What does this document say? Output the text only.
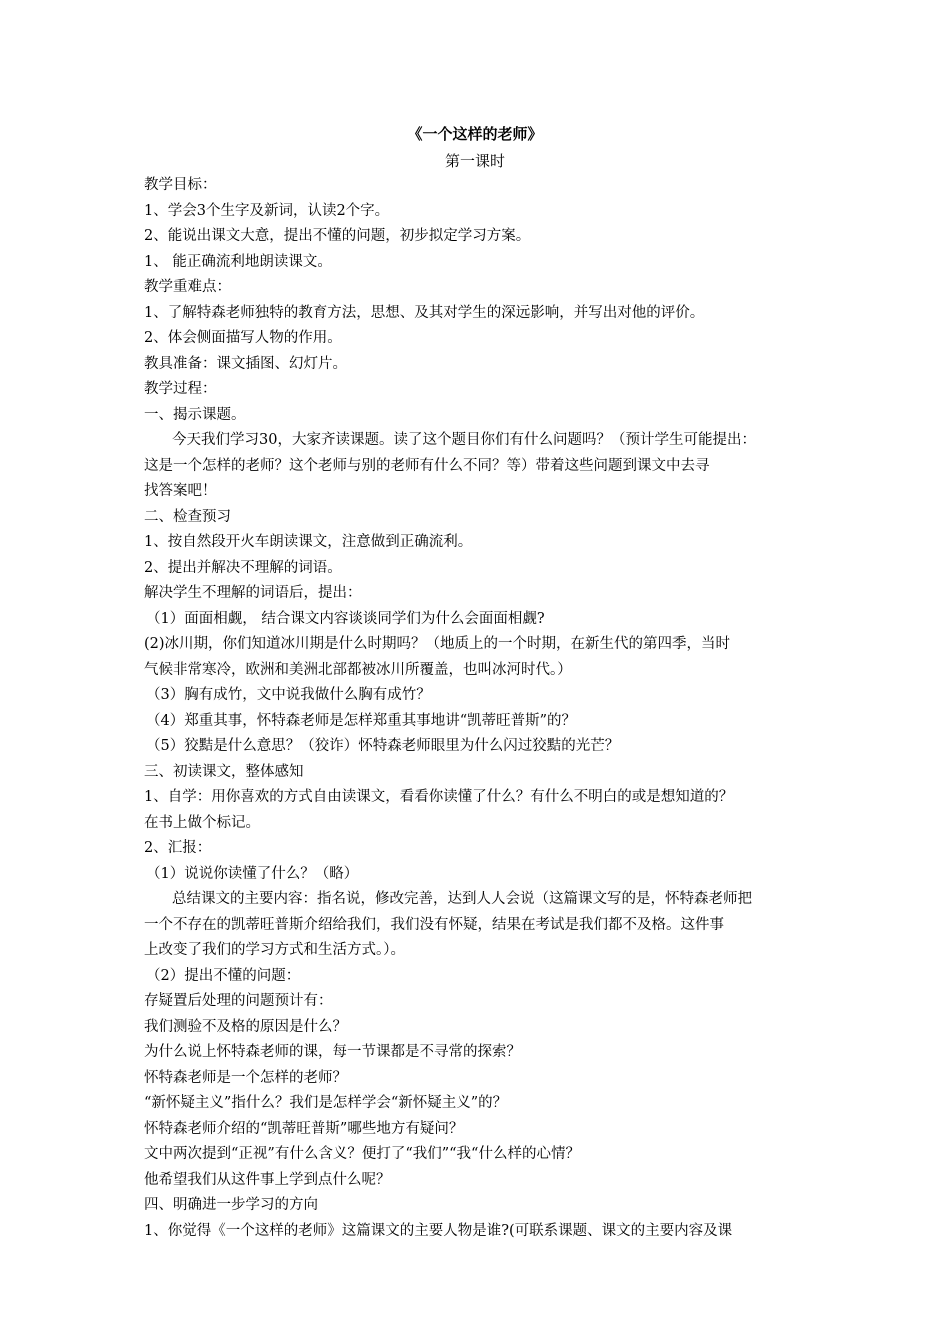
《一个这样的老师》
第一课时
教学目标：
1、学会3个生字及新词，认读2个字。
2、能说出课文大意，提出不懂的问题，初步拟定学习方案。
1、 能正确流利地朗读课文。
教学重难点：
1、了解特森老师独特的教育方法，思想、及其对学生的深远影响，并写出对他的评价。
2、体会侧面描写人物的作用。
教具准备：课文插图、幻灯片。
教学过程：
一、揭示课题。
今天我们学习30，大家齐读课题。读了这个题目你们有什么问题吗？（预计学生可能提出：
这是一个怎样的老师？这个老师与别的老师有什么不同？等）带着这些问题到课文中去寻
找答案吧！
二、检查预习
1、按自然段开火车朗读课文，注意做到正确流利。
2、提出并解决不理解的词语。
解决学生不理解的词语后，提出：
（1）面面相觑， 结合课文内容谈谈同学们为什么会面面相觑?
(2)冰川期，你们知道冰川期是什么时期吗？（地质上的一个时期，在新生代的第四季，当时
气候非常寒冷，欧洲和美洲北部都被冰川所覆盖，也叫冰河时代。）
（3）胸有成竹，文中说我做什么胸有成竹？
（4）郑重其事，怀特森老师是怎样郑重其事地讲“凯蒂旺普斯”的？
（5）狡黠是什么意思？（狡诈）怀特森老师眼里为什么闪过狡黠的光芒？
三、初读课文，整体感知
1、自学：用你喜欢的方式自由读课文，看看你读懂了什么？有什么不明白的或是想知道的？
在书上做个标记。
2、汇报：
（1）说说你读懂了什么？（略）
总结课文的主要内容：指名说，修改完善，达到人人会说（这篇课文写的是，怀特森老师把
一个不存在的凯蒂旺普斯介绍给我们，我们没有怀疑，结果在考试是我们都不及格。这件事
上改变了我们的学习方式和生活方式。）。
（2）提出不懂的问题：
存疑置后处理的问题预计有：
我们测验不及格的原因是什么？
为什么说上怀特森老师的课，每一节课都是不寻常的探索？
怀特森老师是一个怎样的老师？
“新怀疑主义”指什么？我们是怎样学会“新怀疑主义”的？
怀特森老师介绍的“凯蒂旺普斯”哪些地方有疑问？
文中两次提到“正视”有什么含义？便打了“我们”“我“什么样的心情？
他希望我们从这件事上学到点什么呢？
四、明确进一步学习的方向
1、你觉得《一个这样的老师》这篇课文的主要人物是谁?(可联系课题、课文的主要内容及课
